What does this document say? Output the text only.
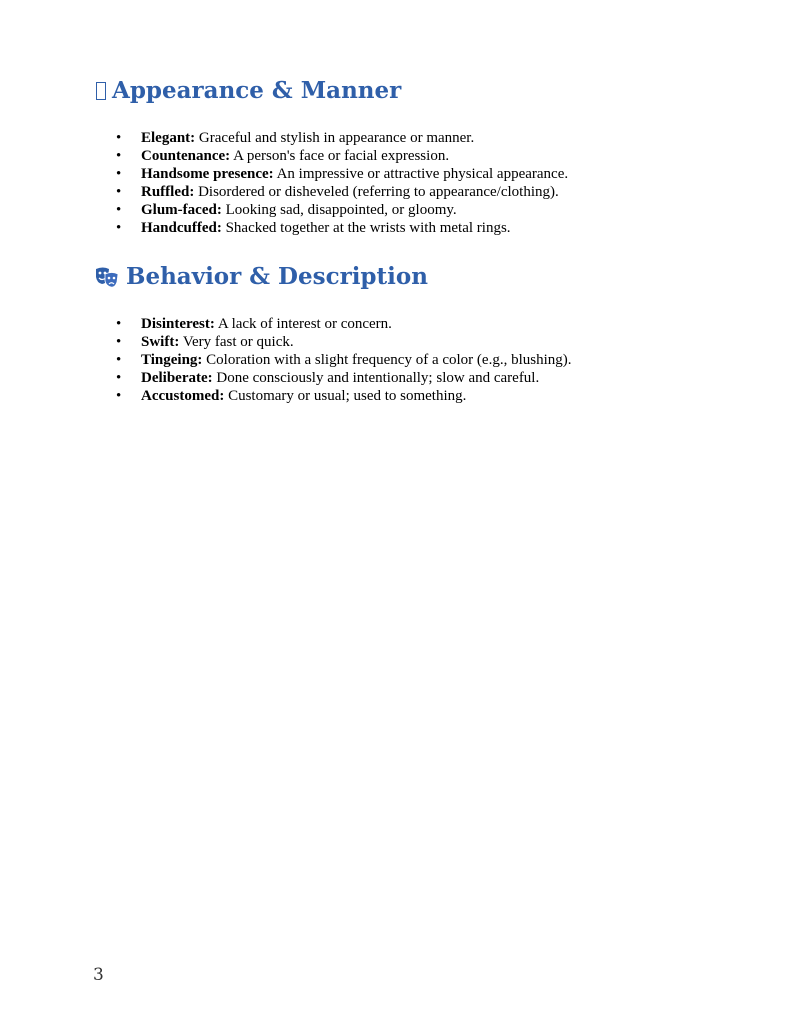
Appearance & Manner
• Elegant: Graceful and stylish in appearance or manner.
• Countenance: A person's face or facial expression.
• Handsome presence: An impressive or attractive physical appearance.
• Ruffled: Disordered or disheveled (referring to appearance/clothing).
• Glum-faced: Looking sad, disappointed, or gloomy.
• Handcuffed: Shacked together at the wrists with metal rings.
Behavior & Description
• Disinterest: A lack of interest or concern.
• Swift: Very fast or quick.
• Tingeing: Coloration with a slight frequency of a color (e.g., blushing).
• Deliberate: Done consciously and intentionally; slow and careful.
• Accustomed: Customary or usual; used to something.
3
